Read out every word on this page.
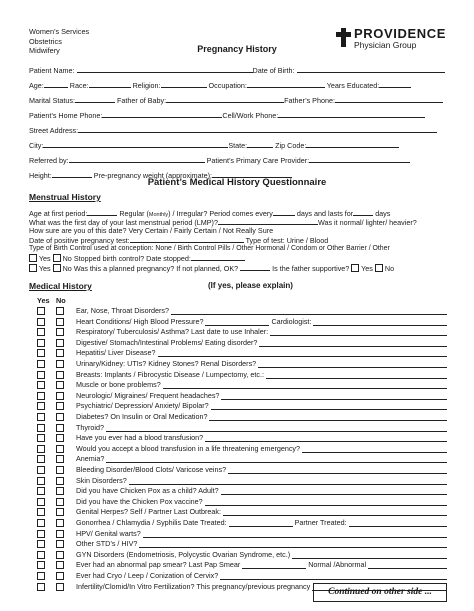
Women’s Services
Obstetrics
Midwifery
PROVIDENCE
Physician Group
Pregnancy History
Patient Name:	Date of Birth:
Age:	Race:	Religion:	Occupation:	Years Educated:
Marital Status:	Father of Baby:	Father’s Phone:
Patient’s Home Phone:	Cell/Work Phone:
Street Address:
City:	State:	Zip Code:
Referred by:	Patient’s Primary Care Provider:
Height:	Pre-pregnancy weight (approximate):
Patient’s Medical History Questionnaire
Menstrual History
Age at first period:	Regular (Monthly) / Irregular? Period comes every	days and lasts for	days
What was the first day of your last menstrual period (LMP)?	Was it normal/ lighter/ heavier?
How sure are you of this date? Very Certain / Fairly Certain / Not Really Sure
Date of positive pregnancy test:	Type of test: Urine / Blood
Type of Birth Control used at conception: None / Birth Control Pills / Other Hormonal / Condom or Other Barrier / Other
Yes No Stopped birth control? Date stopped:
Yes No Was this a planned pregnancy? If not planned, OK?	Is the father supportive? Yes No
Medical History	(If yes, please explain)
Yes No
Ear, Nose, Throat Disorders?
Heart Conditions/ High Blood Pressure?	Cardiologist:
Respiratory/ Tuberculosis/ Asthma? Last date to use Inhaler:
Digestive/ Stomach/Intestinal Problems/ Eating disorder?
Hepatitis/ Liver Disease?
Urinary/Kidney: UTIs? Kidney Stones? Renal Disorders?
Breasts: Implants / Fibrocystic Disease / Lumpectomy, etc.:
Muscle or bone problems?
Neurologic/ Migraines/ Frequent headaches?
Psychiatric/ Depression/ Anxiety/ Bipolar?
Diabetes? On Insulin or Oral Medication?
Thyroid?
Have you ever had a blood transfusion?
Would you accept a blood transfusion in a life threatening emergency?
Anemia?
Bleeding Disorder/Blood Clots/ Varicose veins?
Skin Disorders?
Did you have Chicken Pox as a child? Adult?
Did you have the Chicken Pox vaccine?
Genital Herpes? Self / Partner Last Outbreak:
Gonorrhea / Chlamydia / Syphilis Date Treated:	Partner Treated:
HPV/ Genital warts?
Other STD’s / HIV?
GYN Disorders (Endometriosis, Polycystic Ovarian Syndrome, etc.)
Ever had an abnormal pap smear? Last Pap Smear	Normal /Abnormal
Ever had Cryo / Leep / Conization of Cervix?
Infertility/Clomid/In Vitro Fertilization? This pregnancy/previous pregnancy
Continued on other side ...
